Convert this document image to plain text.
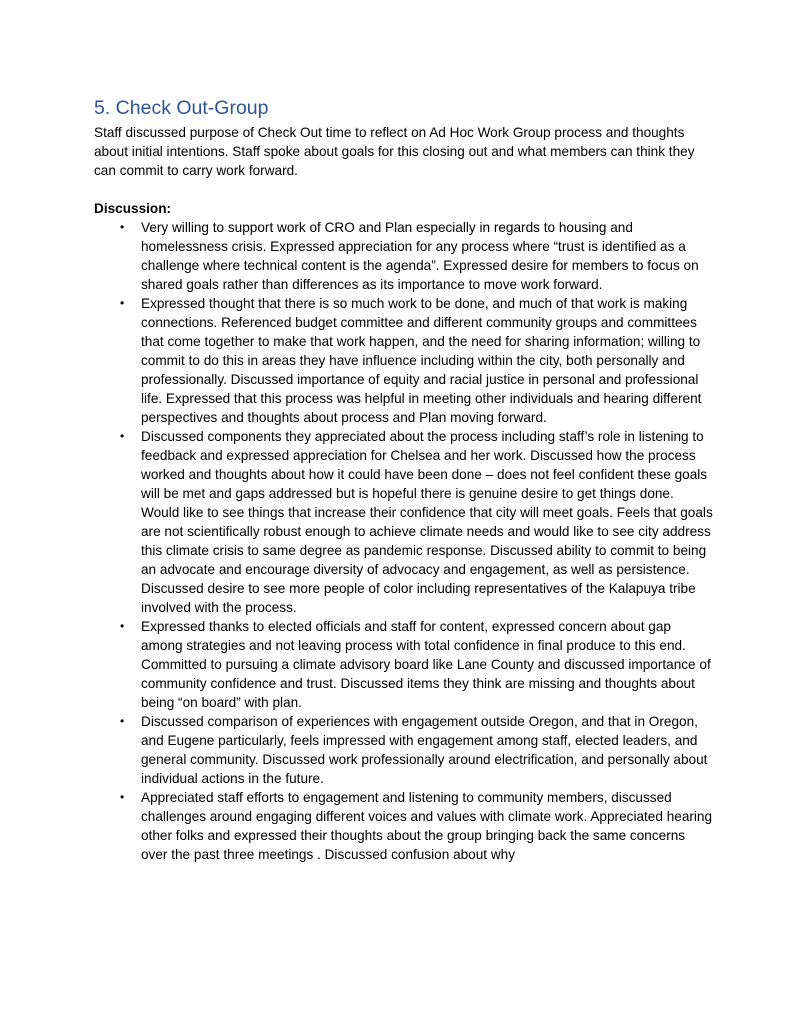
5. Check Out-Group

Staff discussed purpose of Check Out time to reflect on Ad Hoc Work Group process and thoughts about initial intentions. Staff spoke about goals for this closing out and what members can think they can commit to carry work forward.

Discussion:

• Very willing to support work of CRO and Plan especially in regards to housing and homelessness crisis. Expressed appreciation for any process where “trust is identified as a challenge where technical content is the agenda”. Expressed desire for members to focus on shared goals rather than differences as its importance to move work forward.
• Expressed thought that there is so much work to be done, and much of that work is making connections. Referenced budget committee and different community groups and committees that come together to make that work happen, and the need for sharing information; willing to commit to do this in areas they have influence including within the city, both personally and professionally. Discussed importance of equity and racial justice in personal and professional life. Expressed that this process was helpful in meeting other individuals and hearing different perspectives and thoughts about process and Plan moving forward.
• Discussed components they appreciated about the process including staff’s role in listening to feedback and expressed appreciation for Chelsea and her work. Discussed how the process worked and thoughts about how it could have been done – does not feel confident these goals will be met and gaps addressed but is hopeful there is genuine desire to get things done. Would like to see things that increase their confidence that city will meet goals. Feels that goals are not scientifically robust enough to achieve climate needs and would like to see city address this climate crisis to same degree as pandemic response. Discussed ability to commit to being an advocate and encourage diversity of advocacy and engagement, as well as persistence. Discussed desire to see more people of color including representatives of the Kalapuya tribe involved with the process.
• Expressed thanks to elected officials and staff for content, expressed concern about gap among strategies and not leaving process with total confidence in final produce to this end. Committed to pursuing a climate advisory board like Lane County and discussed importance of community confidence and trust. Discussed items they think are missing and thoughts about being “on board” with plan.
• Discussed comparison of experiences with engagement outside Oregon, and that in Oregon, and Eugene particularly, feels impressed with engagement among staff, elected leaders, and general community. Discussed work professionally around electrification, and personally about individual actions in the future.
• Appreciated staff efforts to engagement and listening to community members, discussed challenges around engaging different voices and values with climate work. Appreciated hearing other folks and expressed their thoughts about the group bringing back the same concerns over the past three meetings . Discussed confusion about why
